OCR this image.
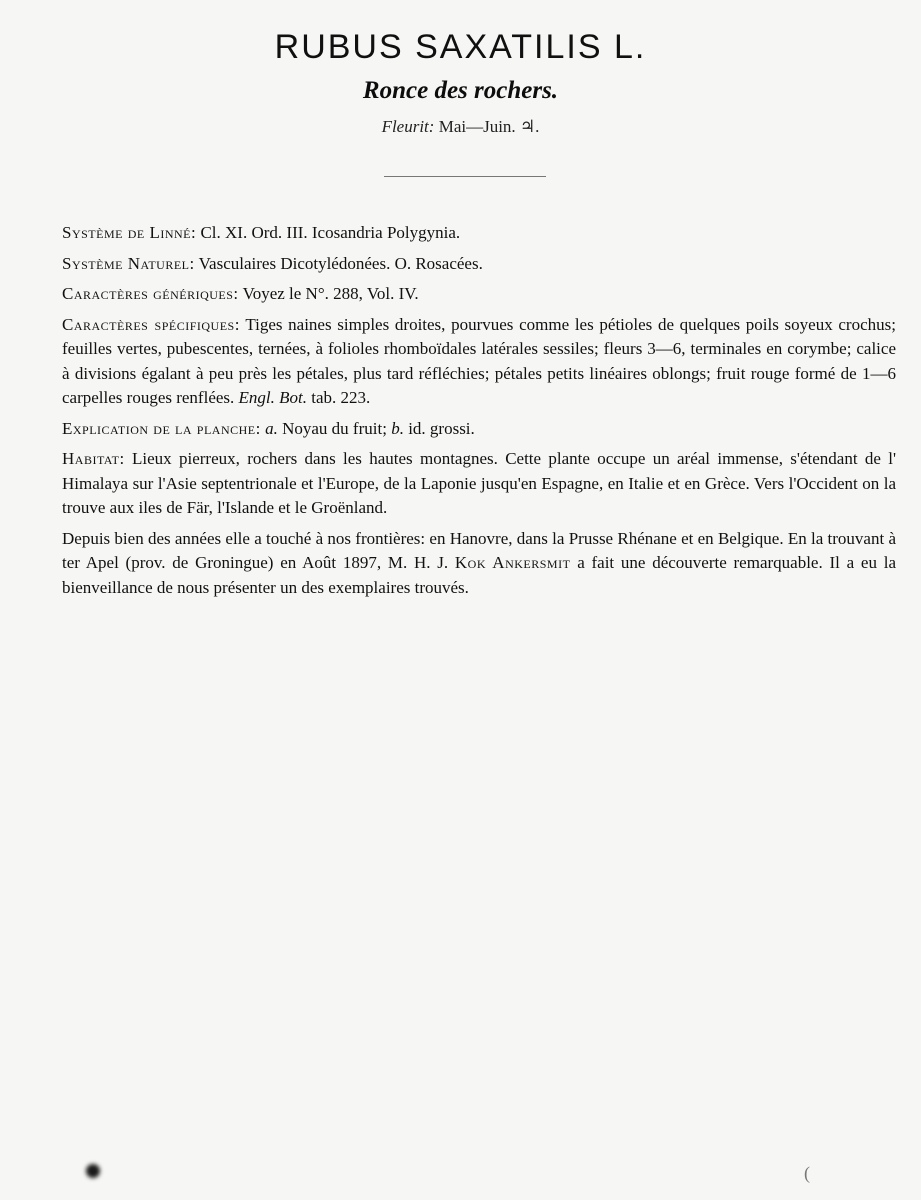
RUBUS SAXATILIS L.
Ronce des rochers.
Fleurit: Mai—Juin. ♃.

Système de Linné: Cl. XI. Ord. III. Icosandria Polygynia.

Système Naturel: Vasculaires Dicotylédonées. O. Rosacées.

Caractères génériques: Voyez le N°. 288, Vol. IV.

Caractères spécifiques: Tiges naines simples droites, pourvues comme les pétioles de quelques poils soyeux crochus; feuilles vertes, pubescentes, ternées, à folioles rhomboïdales latérales sessiles; fleurs 3—6, terminales en corymbe; calice à divisions égalant à peu près les pétales, plus tard réfléchies; pétales petits linéaires oblongs; fruit rouge formé de 1—6 carpelles rouges renflées. Engl. Bot. tab. 223.

Explication de la planche: a. Noyau du fruit; b. id. grossi.

Habitat: Lieux pierreux, rochers dans les hautes montagnes. Cette plante occupe un aréal immense, s'étendant de l' Himalaya sur l'Asie septentrionale et l'Europe, de la Laponie jusqu'en Espagne, en Italie et en Grèce. Vers l'Occident on la trouve aux iles de Fär, l'Islande et le Groënland.

Depuis bien des années elle a touché à nos frontières: en Hanovre, dans la Prusse Rhénane et en Belgique. En la trouvant à ter Apel (prov. de Groningue) en Août 1897, M. H. J. Kok Ankersmit a fait une découverte remarquable. Il a eu la bienveillance de nous présenter un des exemplaires trouvés.

(
